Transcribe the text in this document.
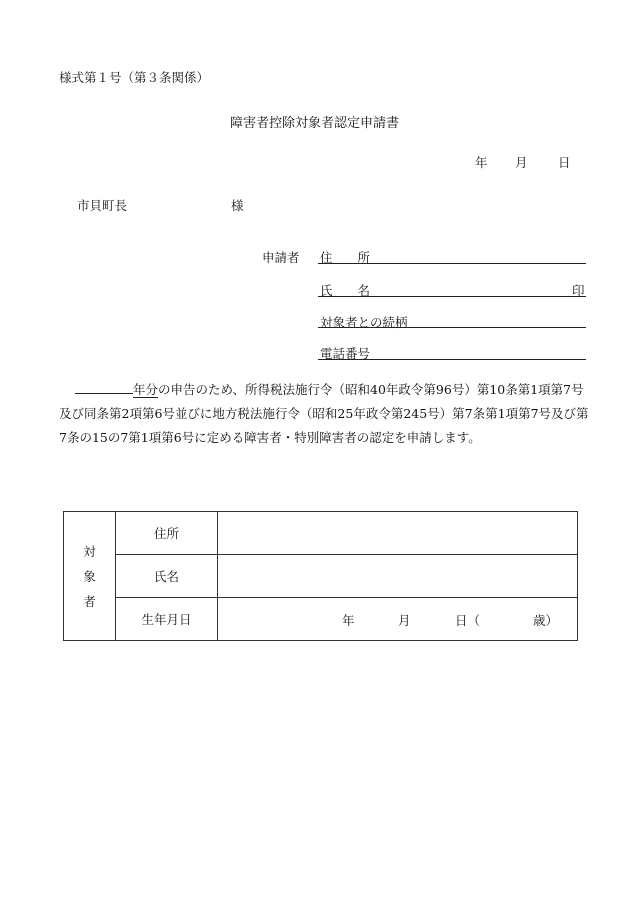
様式第１号（第３条関係）
障害者控除対象者認定申請書
年 月 日
市貝町長	様
申請者 住　　所
氏　　名	印
対象者との続柄
電話番号
年分の申告のため、所得税法施行令（昭和40年政令第96号）第10条第1項第7号及び同条第2項第6号並びに地方税法施行令（昭和25年政令第245号）第7条第1項第7号及び第7条の15の7第1項第6号に定める障害者・特別障害者の認定を申請します。
対
象
者	住所	
	氏名	
	生年月日	年 月 日（ 歳）
